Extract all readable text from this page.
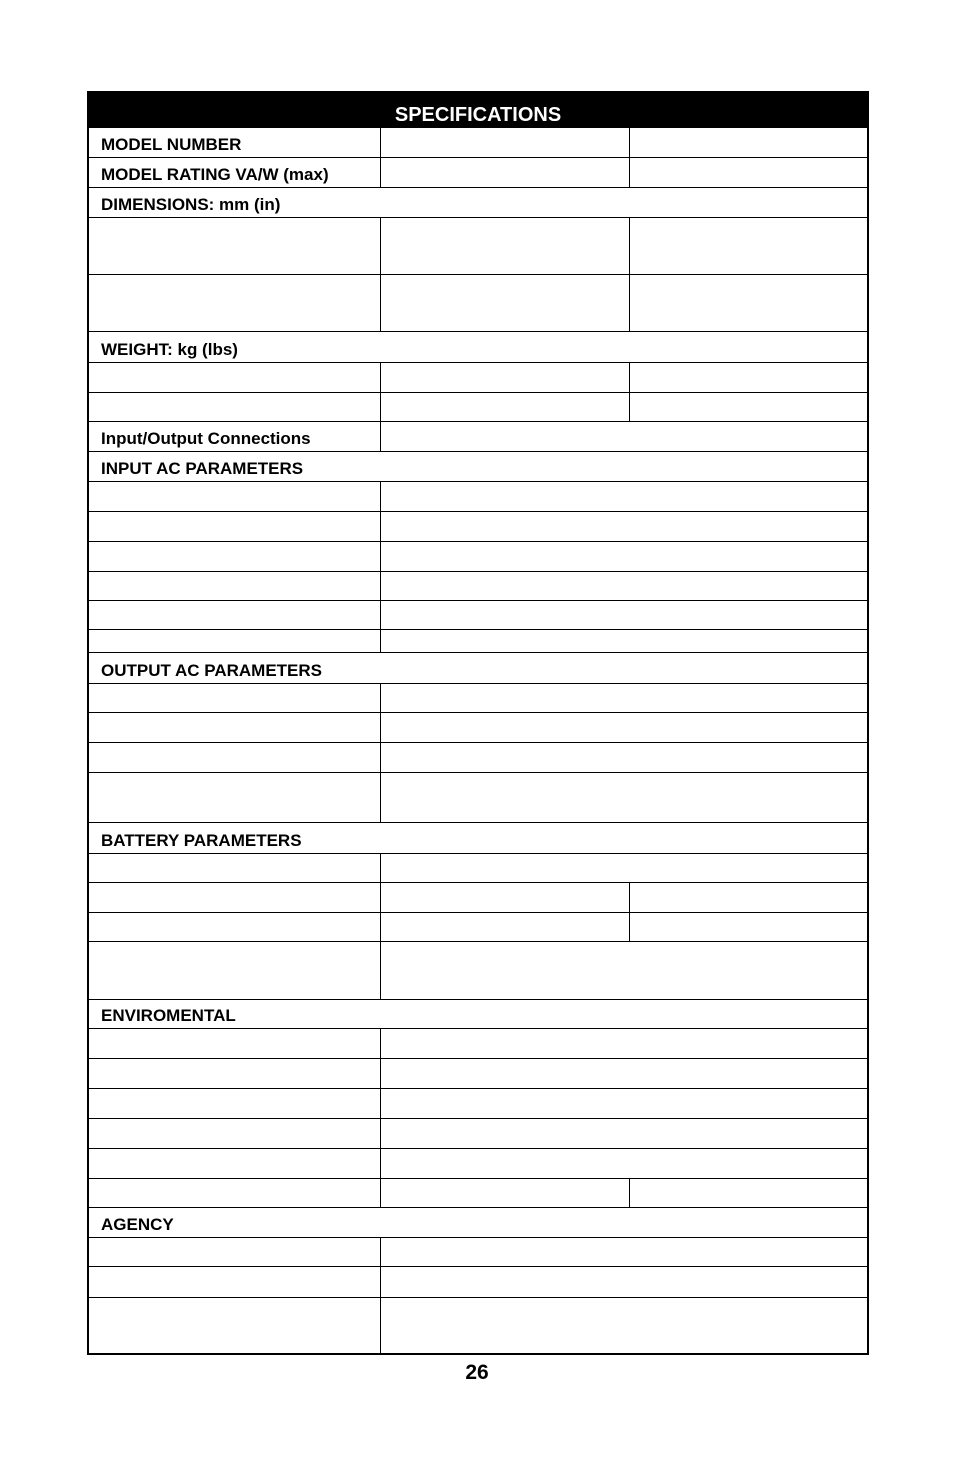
SPECIFICATIONS		
MODEL NUMBER		
MODEL RATING VA/W (max)		
DIMENSIONS: mm (in)		

WEIGHT: kg (lbs)		

Input/Output Connections		
INPUT AC PARAMETERS		

OUTPUT AC PARAMETERS		

BATTERY PARAMETERS		

ENVIROMENTAL		

AGENCY		

26
